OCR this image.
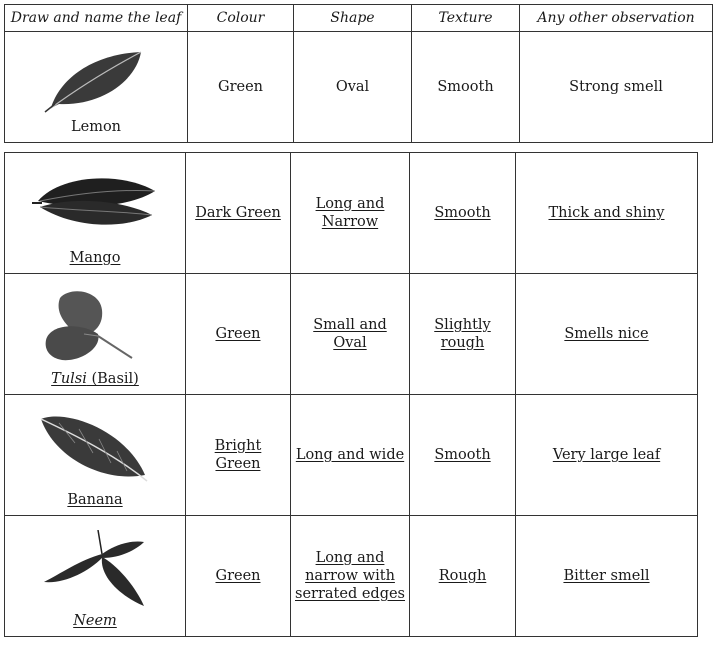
Draw and name the leaf	Colour	Shape	Texture	Any other observation

Lemon	Green	Oval	Smooth	Strong smell
Mango	Dark Green	Long and
Narrow	Smooth	Thick and shiny

Tulsi (Basil)	Green	Small and Oval	Slightly
rough	Smells nice

Banana	Bright Green	Long and wide	Smooth	Very large leaf

Neem	Green	Long and
narrow with
serrated edges	Rough	Bitter smell
